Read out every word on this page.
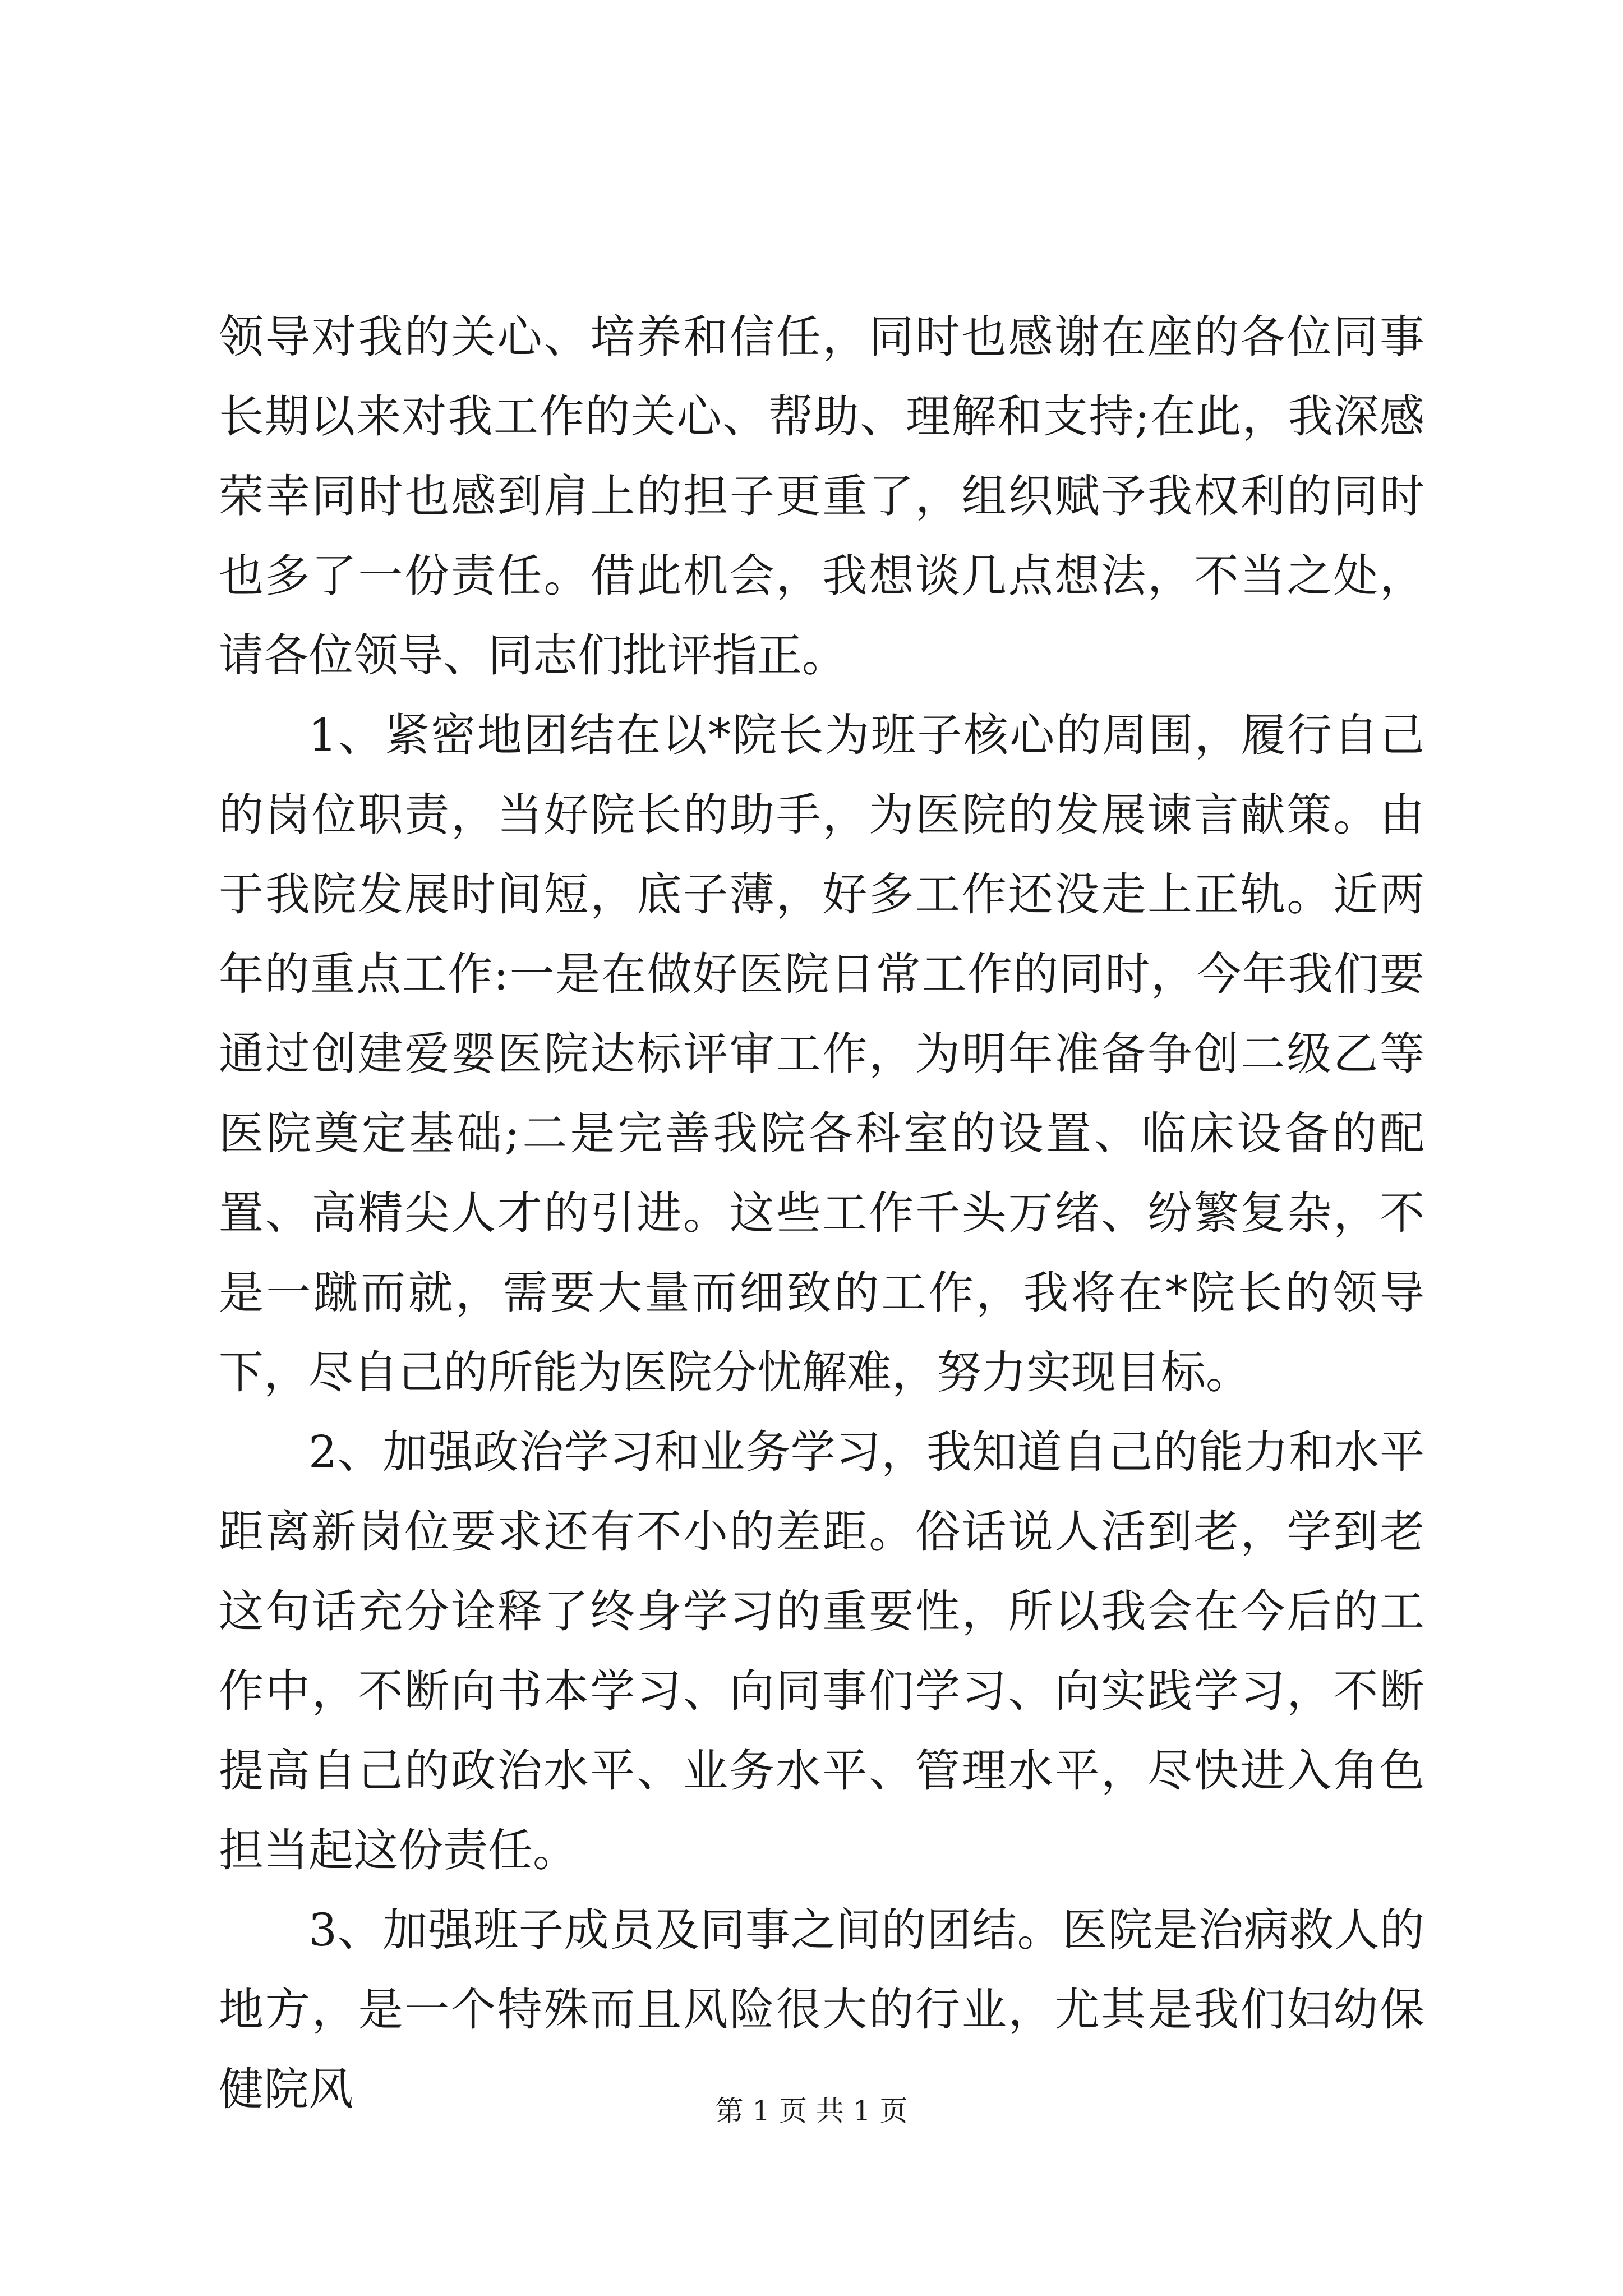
领导对我的关心、培养和信任，同时也感谢在座的各位同事长期以来对我工作的关心、帮助、理解和支持;在此，我深感荣幸同时也感到肩上的担子更重了，组织赋予我权利的同时也多了一份责任。借此机会，我想谈几点想法，不当之处，请各位领导、同志们批评指正。

1、紧密地团结在以*院长为班子核心的周围，履行自己的岗位职责，当好院长的助手，为医院的发展谏言献策。由于我院发展时间短，底子薄，好多工作还没走上正轨。近两年的重点工作:一是在做好医院日常工作的同时，今年我们要通过创建爱婴医院达标评审工作，为明年准备争创二级乙等医院奠定基础;二是完善我院各科室的设置、临床设备的配置、高精尖人才的引进。这些工作千头万绪、纷繁复杂，不是一蹴而就，需要大量而细致的工作，我将在*院长的领导下，尽自己的所能为医院分忧解难，努力实现目标。

2、加强政治学习和业务学习，我知道自己的能力和水平距离新岗位要求还有不小的差距。俗话说人活到老，学到老这句话充分诠释了终身学习的重要性，所以我会在今后的工作中，不断向书本学习、向同事们学习、向实践学习，不断提高自己的政治水平、业务水平、管理水平，尽快进入角色担当起这份责任。

3、加强班子成员及同事之间的团结。医院是治病救人的地方，是一个特殊而且风险很大的行业，尤其是我们妇幼保健院风	第 1 页 共 1 页
